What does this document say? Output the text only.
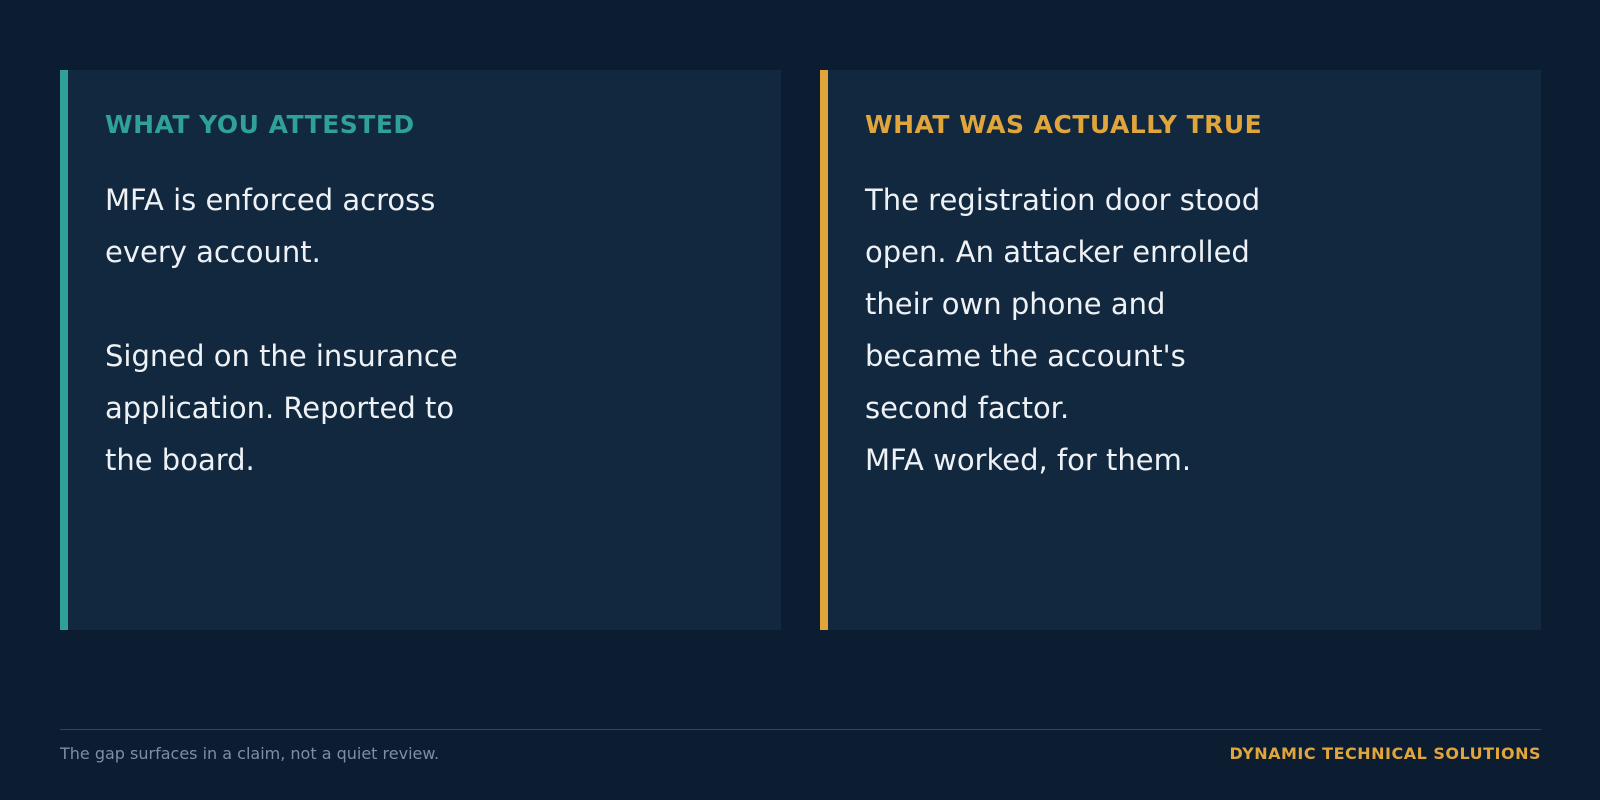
WHAT YOU ATTESTED

MFA is enforced across every account.

Signed on the insurance application. Reported to the board.

WHAT WAS ACTUALLY TRUE

The registration door stood open. An attacker enrolled their own phone and became the account's second factor.

MFA worked, for them.

The gap surfaces in a claim, not a quiet review.	DYNAMIC TECHNICAL SOLUTIONS
